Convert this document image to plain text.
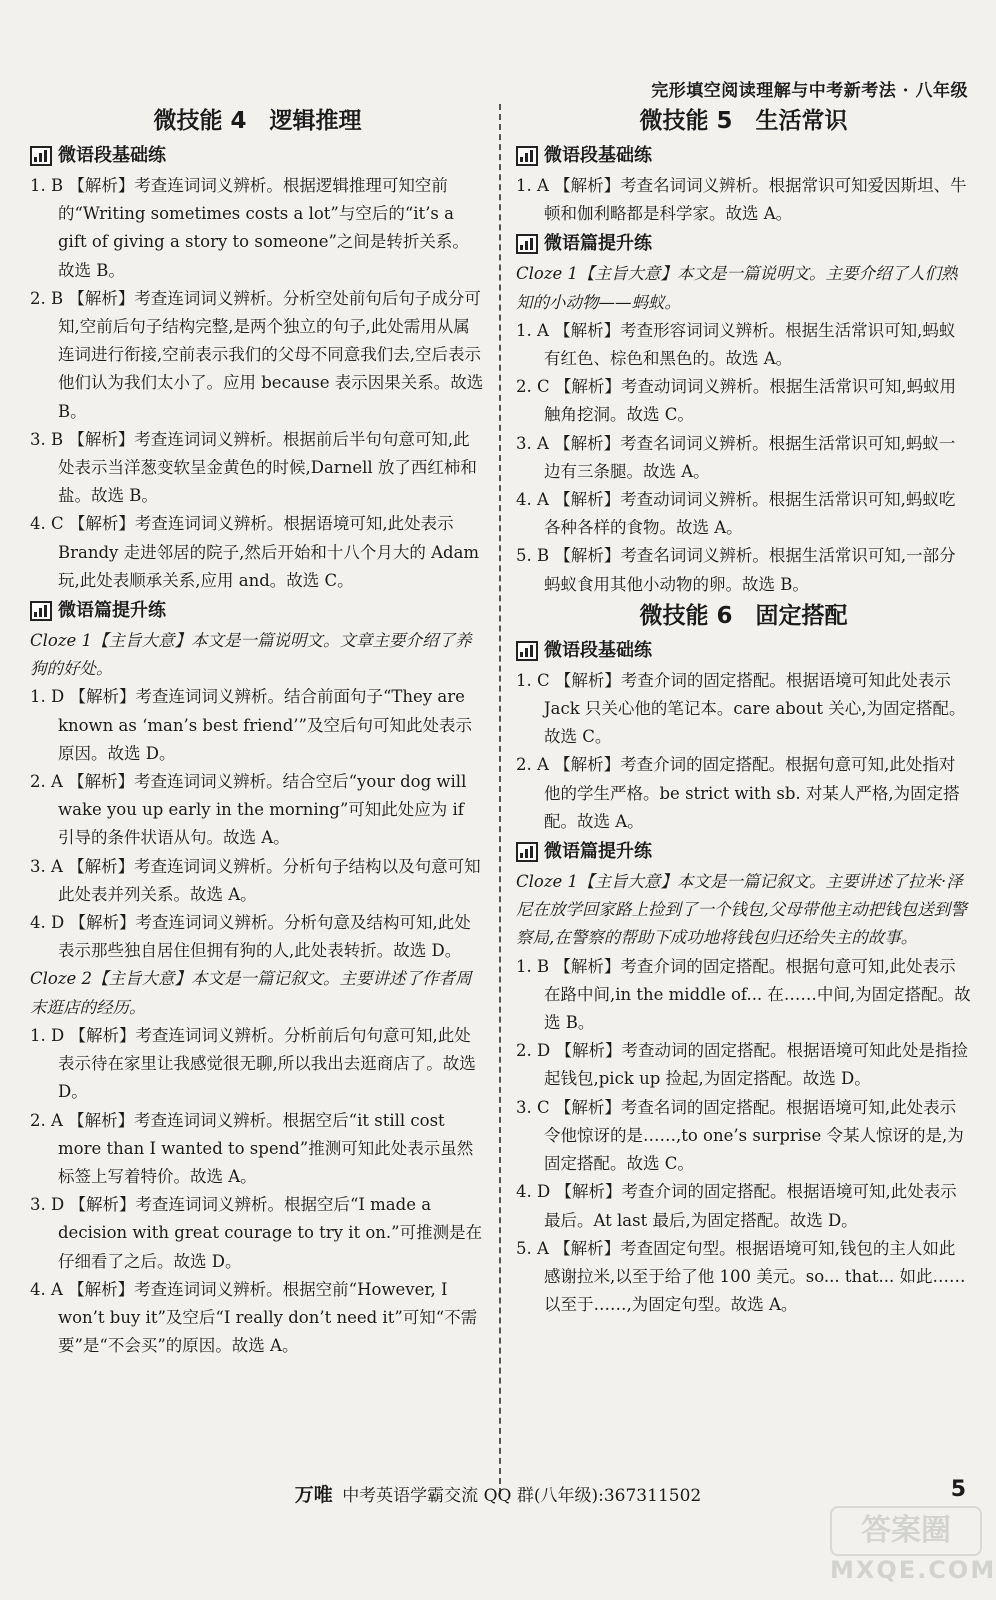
完形填空阅读理解与中考新考法 · 八年级
微技能 4　逻辑推理
微语段基础练
1. B 【解析】考查连词词义辨析。根据逻辑推理可知空前的“Writing sometimes costs a lot”与空后的“it’s a gift of giving a story to someone”之间是转折关系。故选 B。
2. B 【解析】考查连词词义辨析。分析空处前句后句子成分可知,空前后句子结构完整,是两个独立的句子,此处需用从属连词进行衔接,空前表示我们的父母不同意我们去,空后表示他们认为我们太小了。应用 because 表示因果关系。故选 B。
3. B 【解析】考查连词词义辨析。根据前后半句句意可知,此处表示当洋葱变软呈金黄色的时候,Darnell 放了西红柿和盐。故选 B。
4. C 【解析】考查连词词义辨析。根据语境可知,此处表示 Brandy 走进邻居的院子,然后开始和十八个月大的 Adam 玩,此处表顺承关系,应用 and。故选 C。
微语篇提升练
Cloze 1【主旨大意】本文是一篇说明文。文章主要介绍了养狗的好处。
1. D 【解析】考查连词词义辨析。结合前面句子“They are known as ‘man’s best friend’”及空后句可知此处表示原因。故选 D。
2. A 【解析】考查连词词义辨析。结合空后“your dog will wake you up early in the morning”可知此处应为 if 引导的条件状语从句。故选 A。
3. A 【解析】考查连词词义辨析。分析句子结构以及句意可知此处表并列关系。故选 A。
4. D 【解析】考查连词词义辨析。分析句意及结构可知,此处表示那些独自居住但拥有狗的人,此处表转折。故选 D。
Cloze 2【主旨大意】本文是一篇记叙文。主要讲述了作者周末逛店的经历。
1. D 【解析】考查连词词义辨析。分析前后句句意可知,此处表示待在家里让我感觉很无聊,所以我出去逛商店了。故选 D。
2. A 【解析】考查连词词义辨析。根据空后“it still cost more than I wanted to spend”推测可知此处表示虽然标签上写着特价。故选 A。
3. D 【解析】考查连词词义辨析。根据空后“I made a decision with great courage to try it on.”可推测是在仔细看了之后。故选 D。
4. A 【解析】考查连词词义辨析。根据空前“However, I won’t buy it”及空后“I really don’t need it”可知“不需要”是“不会买”的原因。故选 A。
微技能 5　生活常识
微语段基础练
1. A 【解析】考查名词词义辨析。根据常识可知爱因斯坦、牛顿和伽利略都是科学家。故选 A。
微语篇提升练
Cloze 1【主旨大意】本文是一篇说明文。主要介绍了人们熟知的小动物——蚂蚁。
1. A 【解析】考查形容词词义辨析。根据生活常识可知,蚂蚁有红色、棕色和黑色的。故选 A。
2. C 【解析】考查动词词义辨析。根据生活常识可知,蚂蚁用触角挖洞。故选 C。
3. A 【解析】考查名词词义辨析。根据生活常识可知,蚂蚁一边有三条腿。故选 A。
4. A 【解析】考查动词词义辨析。根据生活常识可知,蚂蚁吃各种各样的食物。故选 A。
5. B 【解析】考查名词词义辨析。根据生活常识可知,一部分蚂蚁食用其他小动物的卵。故选 B。
微技能 6　固定搭配
微语段基础练
1. C 【解析】考查介词的固定搭配。根据语境可知此处表示 Jack 只关心他的笔记本。care about 关心,为固定搭配。故选 C。
2. A 【解析】考查介词的固定搭配。根据句意可知,此处指对他的学生严格。be strict with sb. 对某人严格,为固定搭配。故选 A。
微语篇提升练
Cloze 1【主旨大意】本文是一篇记叙文。主要讲述了拉米·泽尼在放学回家路上捡到了一个钱包,父母带他主动把钱包送到警察局,在警察的帮助下成功地将钱包归还给失主的故事。
1. B 【解析】考查介词的固定搭配。根据句意可知,此处表示在路中间,in the middle of... 在……中间,为固定搭配。故选 B。
2. D 【解析】考查动词的固定搭配。根据语境可知此处是指捡起钱包,pick up 捡起,为固定搭配。故选 D。
3. C 【解析】考查名词的固定搭配。根据语境可知,此处表示令他惊讶的是……,to one’s surprise 令某人惊讶的是,为固定搭配。故选 C。
4. D 【解析】考查介词的固定搭配。根据语境可知,此处表示最后。At last 最后,为固定搭配。故选 D。
5. A 【解析】考查固定句型。根据语境可知,钱包的主人如此感谢拉米,以至于给了他 100 美元。so... that... 如此……以至于……,为固定句型。故选 A。
万唯 中考英语学霸交流 QQ 群(八年级):367311502	5
答案圈
MXQE.COM
